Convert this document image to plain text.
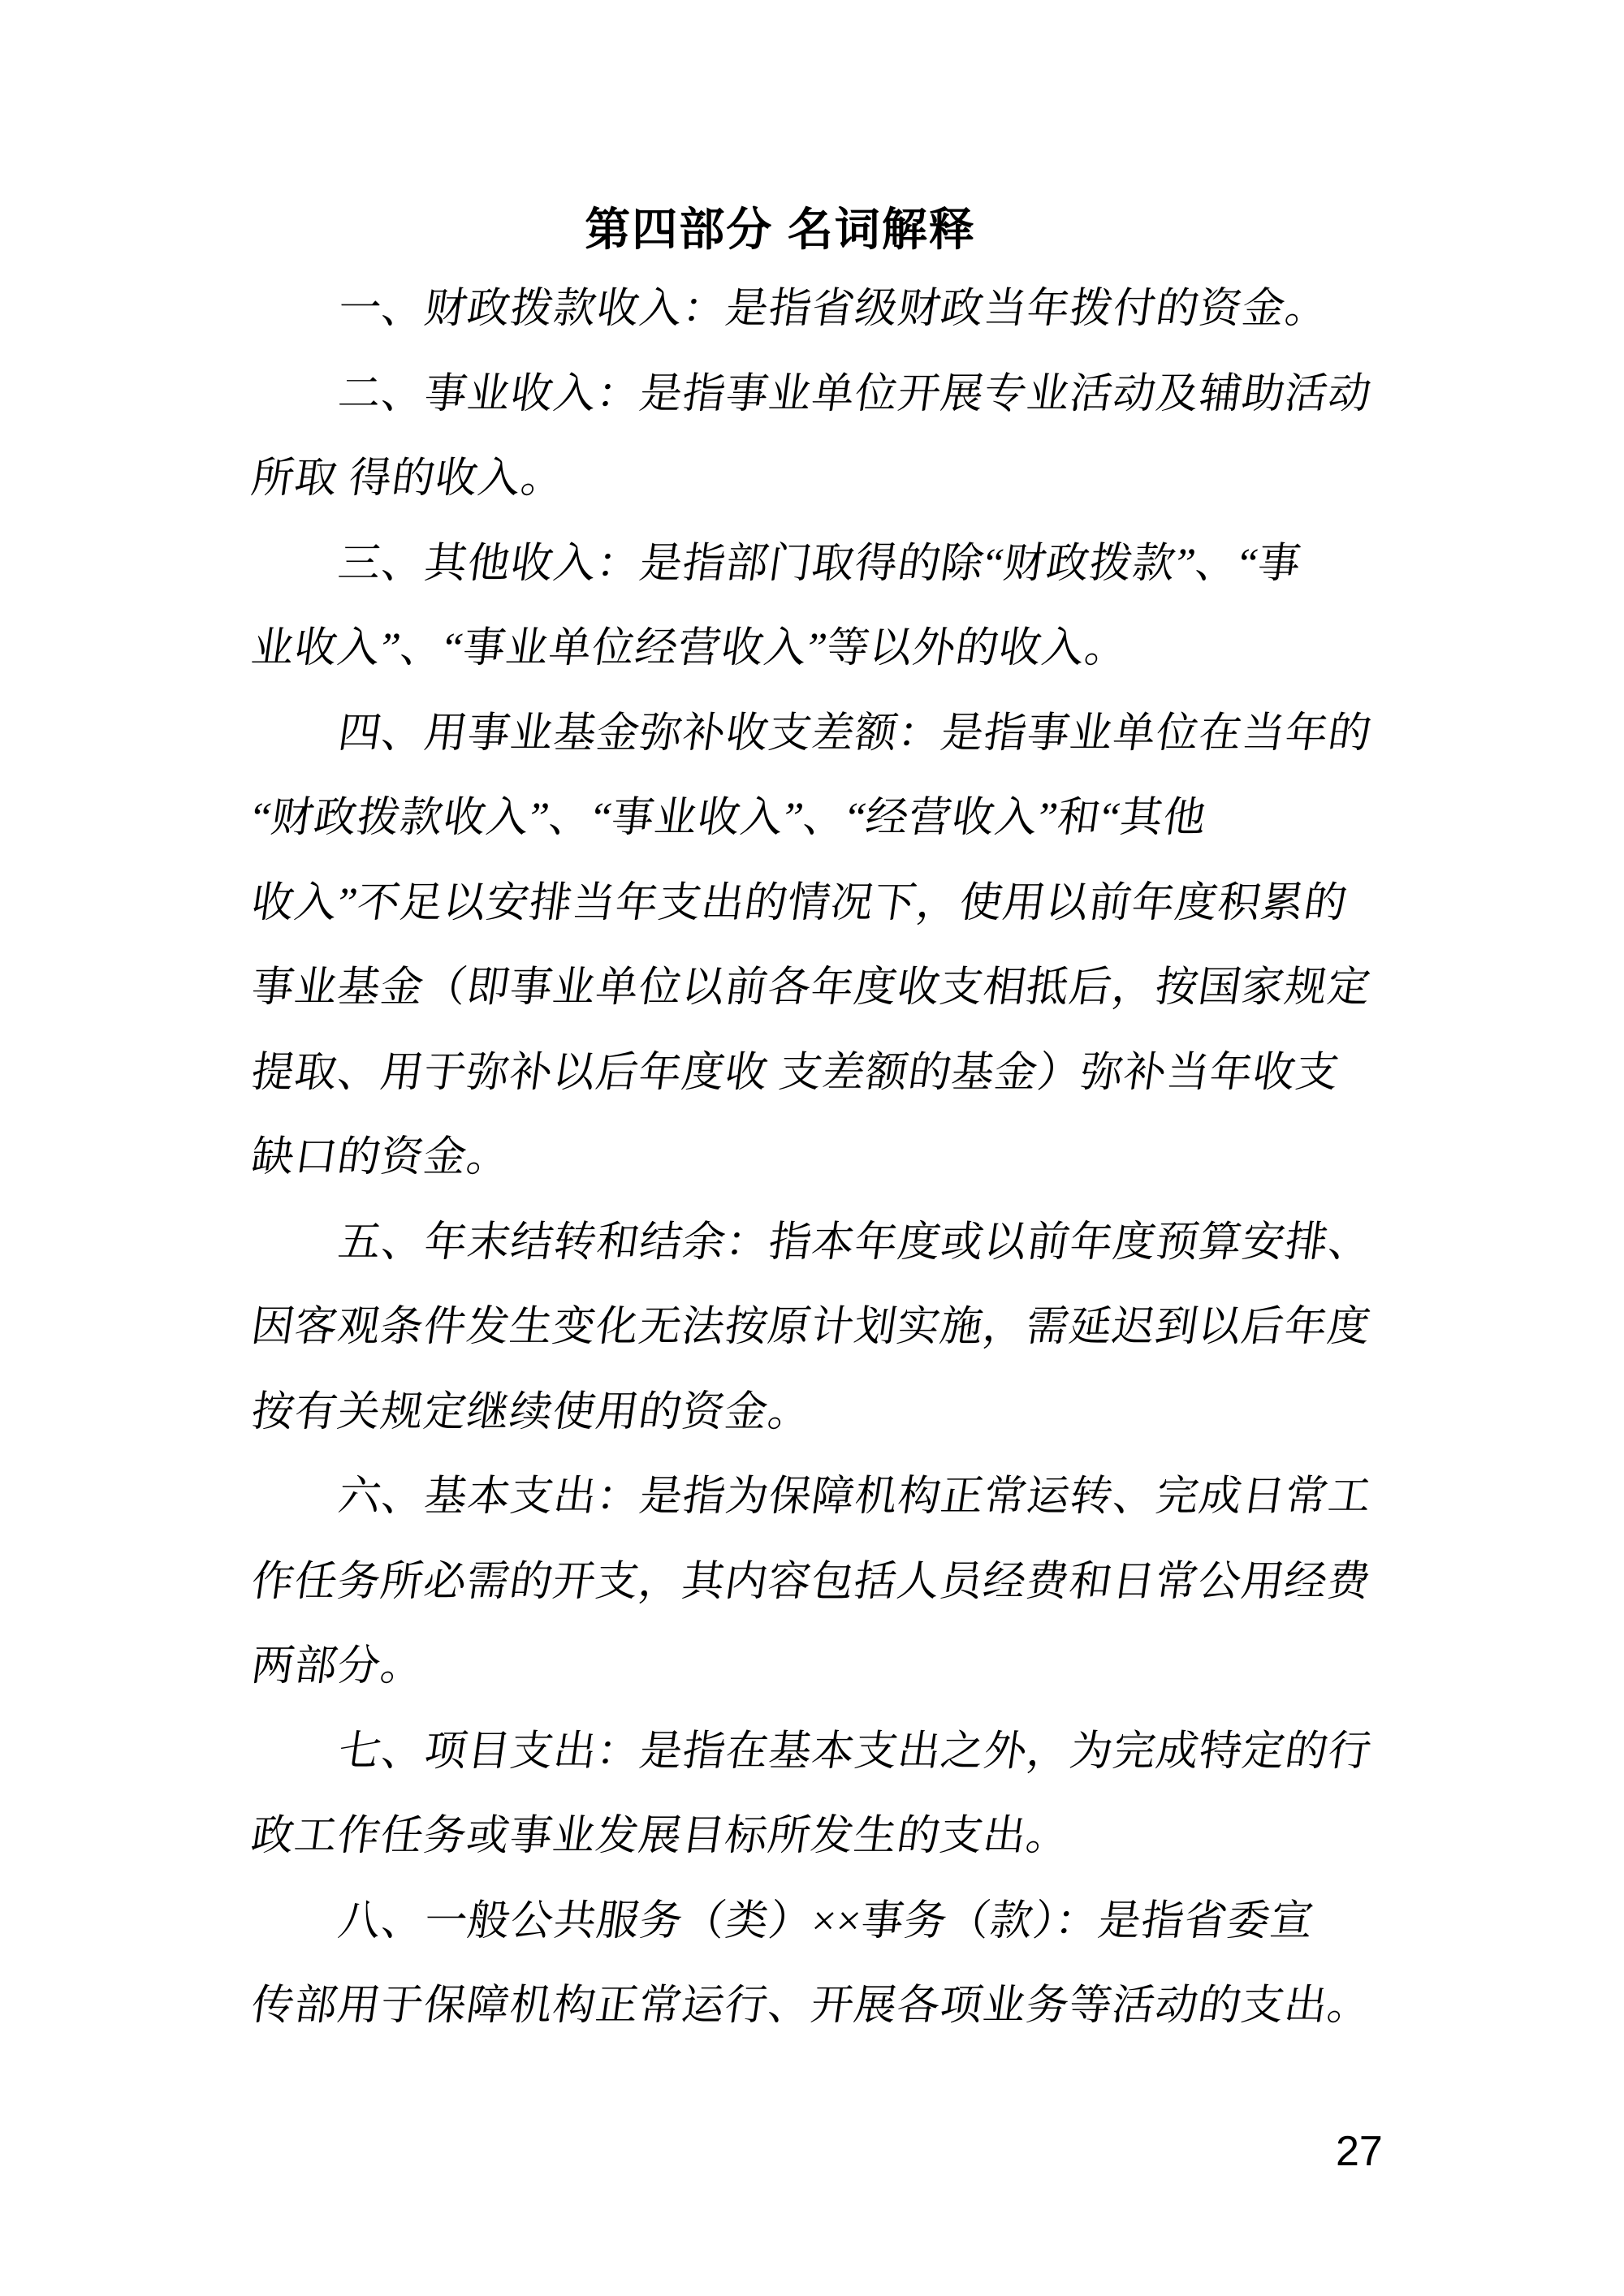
第四部分 名词解释
一、财政拨款收入：是指省级财政当年拨付的资金。
二、事业收入：是指事业单位开展专业活动及辅助活动
所取 得的收入。
三、其他收入：是指部门取得的除“财政拨款”、“事
业收入”、“事业单位经营收入”等以外的收入。
四、用事业基金弥补收支差额：是指事业单位在当年的
“财政拨款收入”、“事业收入”、“经营收入”和“其他
收入”不足以安排当年支出的情况下，使用以前年度积累的
事业基金（即事业单位以前各年度收支相抵后，按国家规定
提取、用于弥补以后年度收 支差额的基金）弥补当年收支
缺口的资金。
五、年末结转和结余：指本年度或以前年度预算安排、
因客观条件发生变化无法按原计划实施，需延迟到以后年度
按有关规定继续使用的资金。
六、基本支出：是指为保障机构正常运转、完成日常工
作任务所必需的开支，其内容包括人员经费和日常公用经费
两部分。
七、项目支出：是指在基本支出之外，为完成特定的行
政工作任务或事业发展目标所发生的支出。
八、一般公共服务（类）××事务（款）：是指省委宣
传部用于保障机构正常运行、开展各项业务等活动的支出。
27
